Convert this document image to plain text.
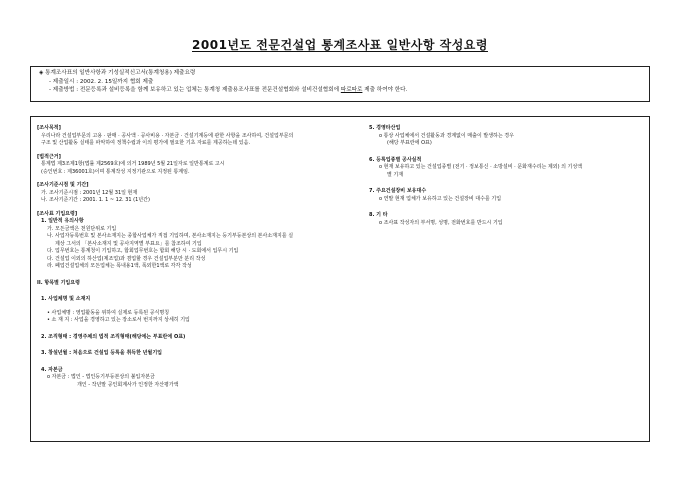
2001년도 전문건설업 통계조사표 일반사항 작성요령
◈ 통계조사표의 일반사항과 기성실적신고서(통계청용) 제출요령
- 제출일시 : 2002. 2. 15일까지 협회 제출
- 제출방법 : 전문등록과 설비등록을 함께 보유하고 있는 업체는 통계청 제출용조사표를 전문건설협회와 설비건설협회에 따로따로 제출 하여야 한다.
[조사목적]
우리나라 건설업부문의 고용 · 판매 · 공사액 · 공사비용 · 자본금 · 건설기계등에 관한 사항을 조사하여, 건설업부문의
구조 및 산업활동 실태를 파악하여 정책수립과 이의 평가에 필요한 기초 자료를 제공하는데 있음.
[법적근거]
통계법 제3조제1항(법률 제2569호)에 의거 1989년 5월 21일자로 일반통계로 고시
(승인번호 : 제36001호)이며 통계작성 지정기관으로 지정된 통계임.
[조사기준시점 및 기간]
가. 조사기준시점 : 2001년 12월 31일 현재
나. 조사기준기간 : 2001. 1. 1 ~ 12. 31 (1년간)
[조사표 기입요령]
1. 일반적 유의사항
가. 모든금액은 천원단위로 기입
나. 사업자등록번호 및 본사소재지는 종합사업체가 직접 기입하며, 본사소재지는 등기부등본상의 본사소재지를 실
제상 그서의 「본사소재지 및 공사지역별 부표요」를 참조하여 기입
다. 업무번호는 통계청이 기입하고, 합회업무번호는 합회 해당 시 · 도회에서 입무시 기입
다. 건설업 이외의 하산업(제조업)과 겸업할 경우 건설업부분만 분리 작성
라. 폐업건설업체의 모든업체는 폭내용1액, 폭외한1액로 각각 작성
II. 항목별 기입요령
1. 사업체명 및 소재지
• 사업체명 : 영업활동을 위하여 실제로 등록된 공식명칭
• 소 재 지 : 사업을 경영하고 있는 장소로서 번지까지 상세히 기입
2. 조직형태 : 경영주체의 법적 조직형태(해당에는 부표란에 O표)
3. 창설년월 : 처음으로 건설업 등록을 취득한 년월기입
4. 자본금
o 자본금 : 법인 - 법인등기부등본상의 불입자본금
개인 - 작년말 공인회계사가 인정한 자산평가액
5. 경영타산업
o 통상 사업체에서 건설활동과 경계없이 매출이 발생하는 경우
(해당 부표란에 O표)
6. 등록업종별 공사실적
o 현재 보유하고 있는 건설업종별 (전기 · 정보통신 · 소방설비 · 문화재수리는 제외) 의 기성액
별 기재
7. 주요건설장비 보유대수
o 연말 현재 업체가 보유하고 있는 건설장비 대수를 기입
8. 기 타
o 조사표 작성자의 부서명, 성명, 전화번호를 반드시 기입
